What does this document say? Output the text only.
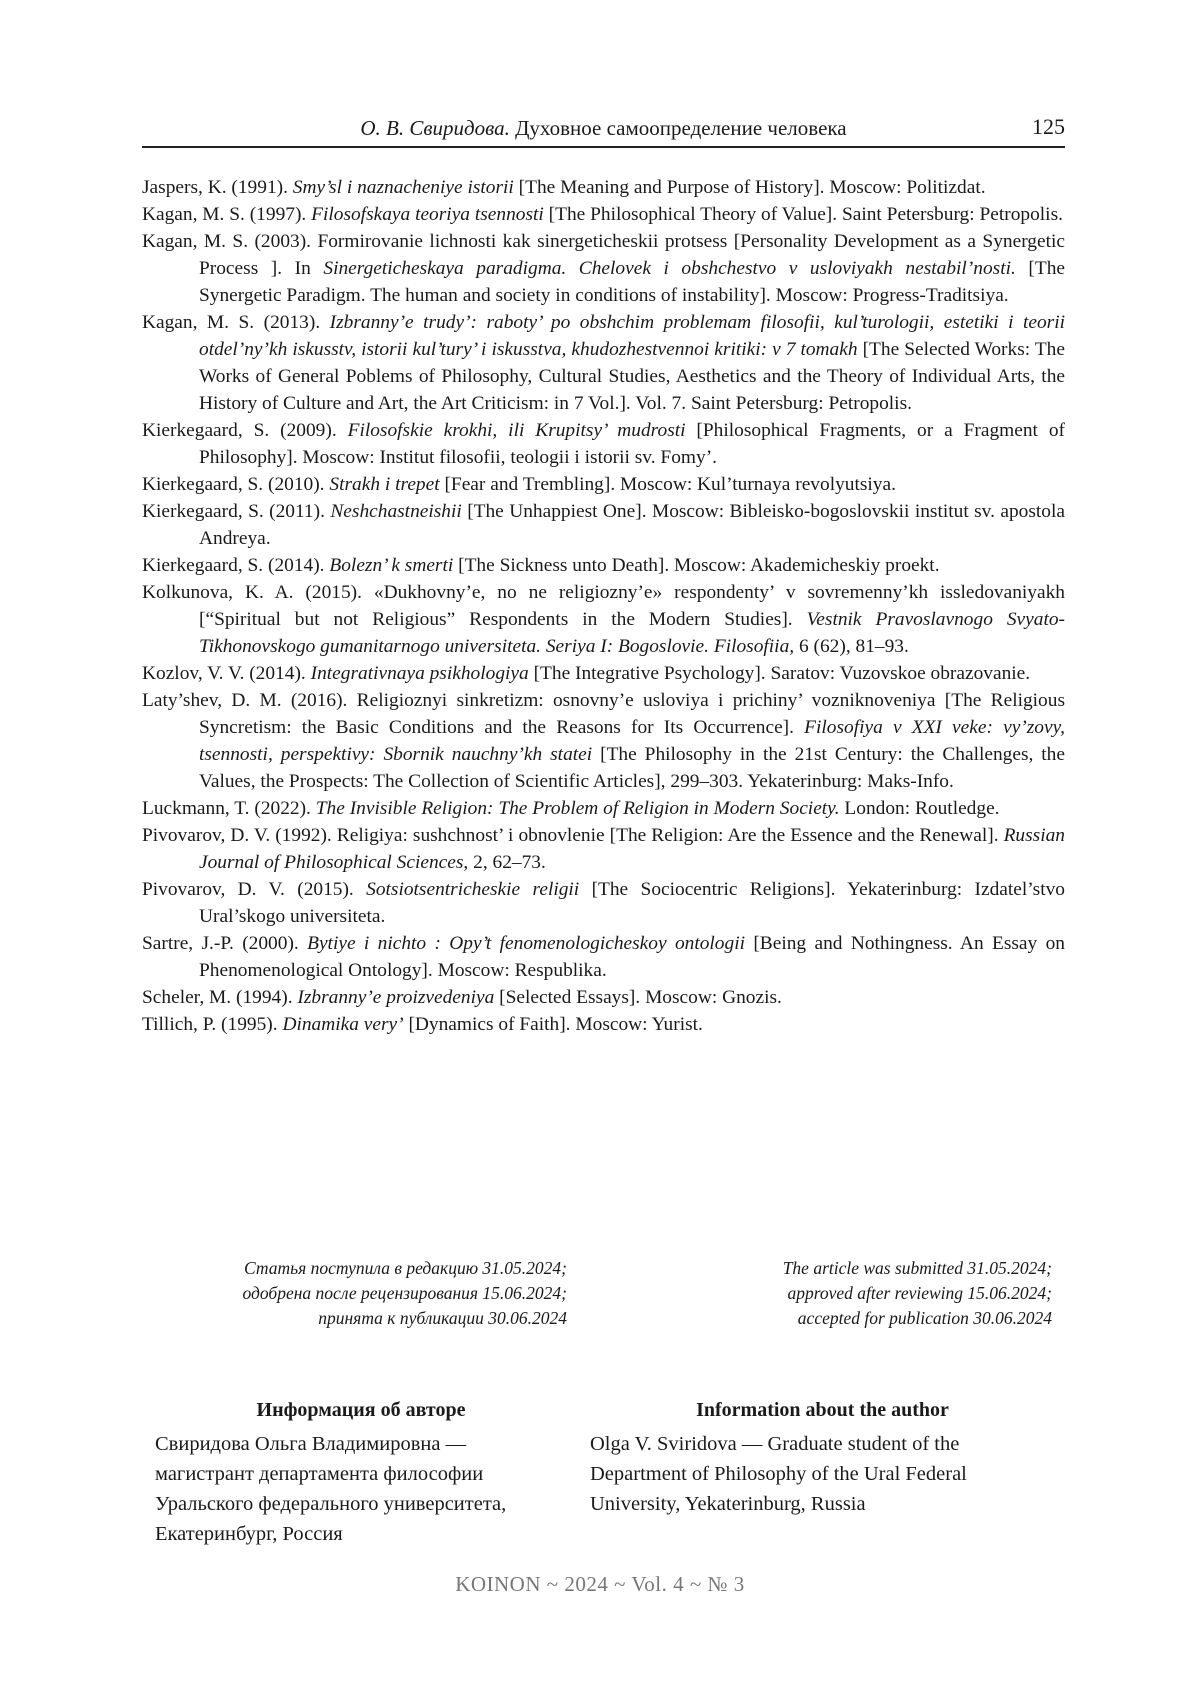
О. В. Свиридова. Духовное самоопределение человека	125

Jaspers, K. (1991). Smy’sl i naznacheniye istorii [The Meaning and Purpose of History]. Moscow: Politizdat.

Kagan, M. S. (1997). Filosofskaya teoriya tsennosti [The Philosophical Theory of Value]. Saint Petersburg: Petropolis.

Kagan, M. S. (2003). Formirovanie lichnosti kak sinergeticheskii protsess [Personality Development as a Synergetic Process ]. In Sinergeticheskaya paradigma. Chelovek i obshchestvo v usloviyakh nestabil’nosti. [The Synergetic Paradigm. The human and society in conditions of instability]. Moscow: Progress-Traditsiya.

Kagan, M. S. (2013). Izbranny’e trudy’: raboty’ po obshchim problemam filosofii, kul’turologii, estetiki i teorii otdel’ny’kh iskusstv, istorii kul’tury’ i iskusstva, khudozhestvennoi kritiki: v 7 tomakh [The Selected Works: The Works of General Poblems of Philosophy, Cultural Studies, Aesthetics and the Theory of Individual Arts, the History of Culture and Art, the Art Criticism: in 7 Vol.]. Vol. 7. Saint Petersburg: Petropolis.

Kierkegaard, S. (2009). Filosofskie krokhi, ili Krupitsy’ mudrosti [Philosophical Fragments, or a Fragment of Philosophy]. Moscow: Institut filosofii, teologii i istorii sv. Fomy’.

Kierkegaard, S. (2010). Strakh i trepet [Fear and Trembling]. Moscow: Kul’turnaya revolyutsiya.

Kierkegaard, S. (2011). Neshchastneishii [The Unhappiest One]. Moscow: Bibleisko-bogoslovskii institut sv. apostola Andreya.

Kierkegaard, S. (2014). Bolezn’ k smerti [The Sickness unto Death]. Moscow: Akademicheskiy proekt.

Kolkunova, K. A. (2015). «Dukhovny’e, no ne religiozny’e» respondenty’ v sovremenny’kh issledovaniyakh [“Spiritual but not Religious” Respondents in the Modern Studies]. Vestnik Pravoslavnogo Svyato-Tikhonovskogo gumanitarnogo universiteta. Seriya I: Bogoslovie. Filosofiia, 6 (62), 81–93.

Kozlov, V. V. (2014). Integrativnaya psikhologiya [The Integrative Psychology]. Saratov: Vuzovskoe obrazovanie.

Laty’shev, D. M. (2016). Religioznyi sinkretizm: osnovny’e usloviya i prichiny’ vozniknoveniya [The Religious Syncretism: the Basic Conditions and the Reasons for Its Occurrence]. Filosofiya v XXI veke: vy’zovy, tsennosti, perspektivy: Sbornik nauchny’kh statei [The Philosophy in the 21st Century: the Challenges, the Values, the Prospects: The Collection of Scientific Articles], 299–303. Yekaterinburg: Maks-Info.

Luckmann, T. (2022). The Invisible Religion: The Problem of Religion in Modern Society. London: Routledge.

Pivovarov, D. V. (1992). Religiya: sushchnost’ i obnovlenie [The Religion: Are the Essence and the Renewal]. Russian Journal of Philosophical Sciences, 2, 62–73.

Pivovarov, D. V. (2015). Sotsiotsentricheskie religii [The Sociocentric Religions]. Yekaterinburg: Izdatel’stvo Ural’skogo universiteta.

Sartre, J.-P. (2000). Bytiye i nichto : Opy’t fenomenologicheskoy ontologii [Being and Nothingness. An Essay on Phenomenological Ontology]. Moscow: Respublika.

Scheler, M. (1994). Izbranny’e proizvedeniya [Selected Essays]. Moscow: Gnozis.

Tillich, P. (1995). Dinamika very’ [Dynamics of Faith]. Moscow: Yurist.

Статья поступила в редакцию 31.05.2024;
одобрена после рецензирования 15.06.2024;
принята к публикации 30.06.2024
The article was submitted 31.05.2024;
approved after reviewing 15.06.2024;
accepted for publication 30.06.2024
Информация об авторе

Свиридова Ольга Владимировна — магистрант департамента философии Уральского федерального университета, Екатеринбург, Россия

Information about the author

Olga V. Sviridova — Graduate student of the Department of Philosophy of the Ural Federal University, Yekaterinburg, Russia

KOINON ~ 2024 ~ Vol. 4 ~ № 3
